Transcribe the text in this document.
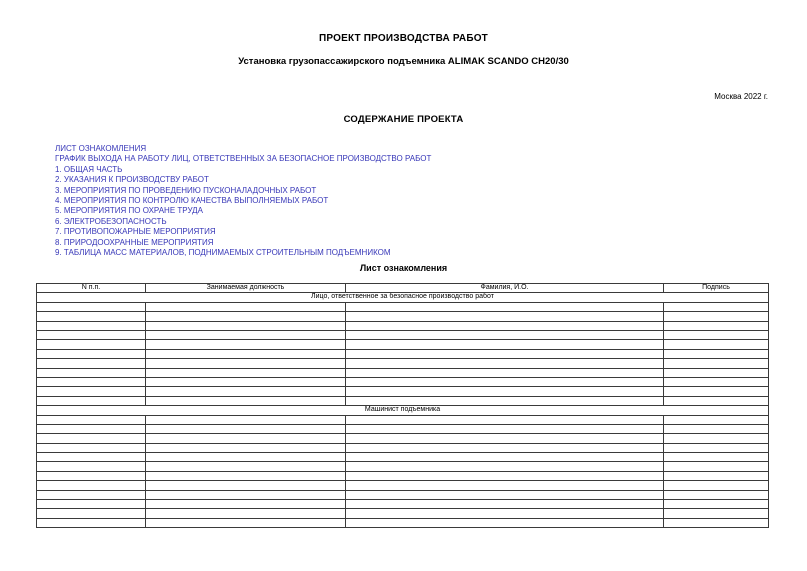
ПРОЕКТ ПРОИЗВОДСТВА РАБОТ
Установка грузопассажирского подъемника ALIMAK SCANDO CH20/30
Москва 2022 г.
СОДЕРЖАНИЕ ПРОЕКТА
ЛИСТ ОЗНАКОМЛЕНИЯ
ГРАФИК ВЫХОДА НА РАБОТУ ЛИЦ, ОТВЕТСТВЕННЫХ ЗА БЕЗОПАСНОЕ ПРОИЗВОДСТВО РАБОТ
1. ОБЩАЯ ЧАСТЬ
2. УКАЗАНИЯ К ПРОИЗВОДСТВУ РАБОТ
3. МЕРОПРИЯТИЯ ПО ПРОВЕДЕНИЮ ПУСКОНАЛАДОЧНЫХ РАБОТ
4. МЕРОПРИЯТИЯ ПО КОНТРОЛЮ КАЧЕСТВА ВЫПОЛНЯЕМЫХ РАБОТ
5. МЕРОПРИЯТИЯ ПО ОХРАНЕ ТРУДА
6. ЭЛЕКТРОБЕЗОПАСНОСТЬ
7. ПРОТИВОПОЖАРНЫЕ МЕРОПРИЯТИЯ
8. ПРИРОДООХРАННЫЕ МЕРОПРИЯТИЯ
9. ТАБЛИЦА МАСС МАТЕРИАЛОВ, ПОДНИМАЕМЫХ СТРОИТЕЛЬНЫМ ПОДЪЕМНИКОМ
Лист ознакомления
N п.п.	Занимаемая должность	Фамилия, И.О.	Подпись
Лицо, ответственное за безопасное производство работ			

Машинист подъемника			
